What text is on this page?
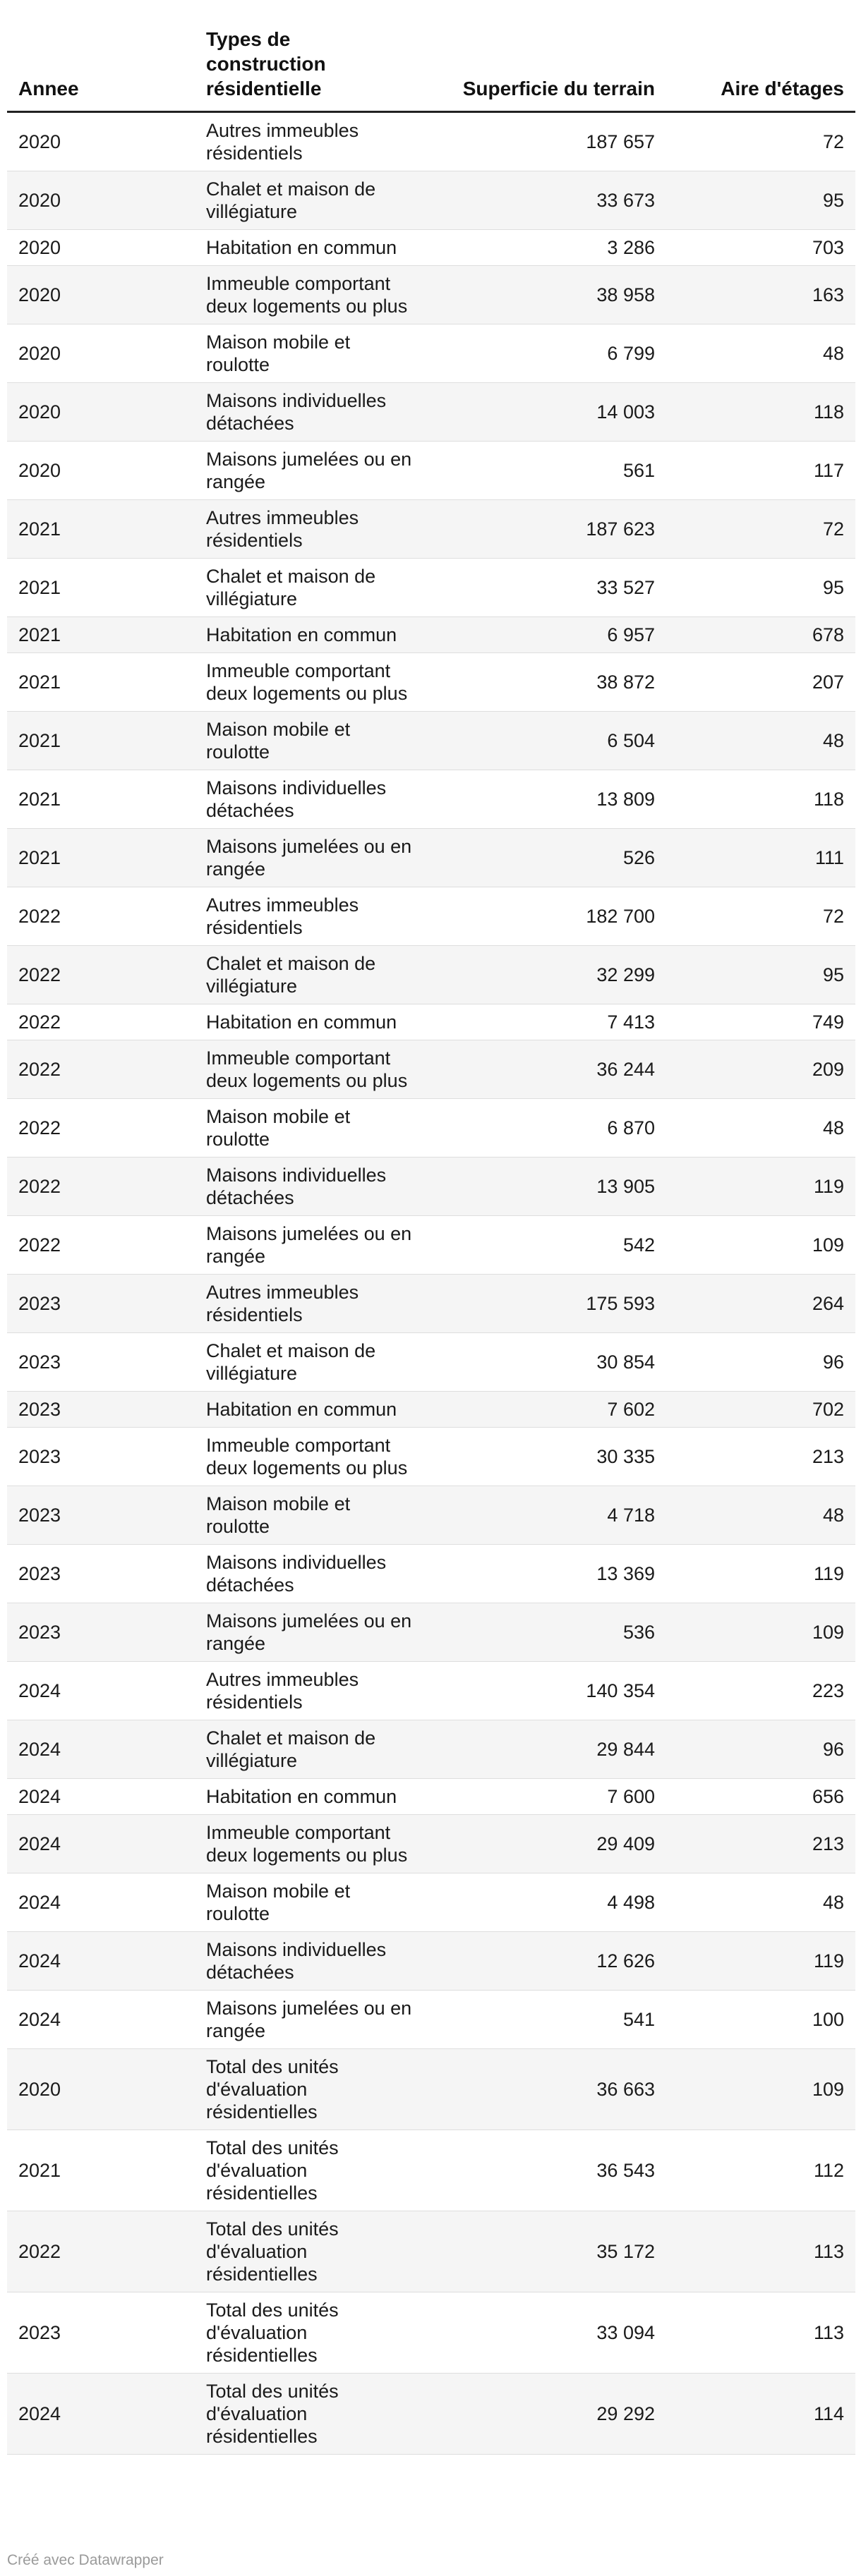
Annee	Types de construction résidentielle	Superficie du terrain	Aire d'étages
2020	Autres immeubles résidentiels	187 657	72
2020	Chalet et maison de villégiature	33 673	95
2020	Habitation en commun	3 286	703
2020	Immeuble comportant deux logements ou plus	38 958	163
2020	Maison mobile et roulotte	6 799	48
2020	Maisons individuelles détachées	14 003	118
2020	Maisons jumelées ou en rangée	561	117
2021	Autres immeubles résidentiels	187 623	72
2021	Chalet et maison de villégiature	33 527	95
2021	Habitation en commun	6 957	678
2021	Immeuble comportant deux logements ou plus	38 872	207
2021	Maison mobile et roulotte	6 504	48
2021	Maisons individuelles détachées	13 809	118
2021	Maisons jumelées ou en rangée	526	111
2022	Autres immeubles résidentiels	182 700	72
2022	Chalet et maison de villégiature	32 299	95
2022	Habitation en commun	7 413	749
2022	Immeuble comportant deux logements ou plus	36 244	209
2022	Maison mobile et roulotte	6 870	48
2022	Maisons individuelles détachées	13 905	119
2022	Maisons jumelées ou en rangée	542	109
2023	Autres immeubles résidentiels	175 593	264
2023	Chalet et maison de villégiature	30 854	96
2023	Habitation en commun	7 602	702
2023	Immeuble comportant deux logements ou plus	30 335	213
2023	Maison mobile et roulotte	4 718	48
2023	Maisons individuelles détachées	13 369	119
2023	Maisons jumelées ou en rangée	536	109
2024	Autres immeubles résidentiels	140 354	223
2024	Chalet et maison de villégiature	29 844	96
2024	Habitation en commun	7 600	656
2024	Immeuble comportant deux logements ou plus	29 409	213
2024	Maison mobile et roulotte	4 498	48
2024	Maisons individuelles détachées	12 626	119
2024	Maisons jumelées ou en rangée	541	100
2020	Total des unités d'évaluation résidentielles	36 663	109
2021	Total des unités d'évaluation résidentielles	36 543	112
2022	Total des unités d'évaluation résidentielles	35 172	113
2023	Total des unités d'évaluation résidentielles	33 094	113
2024	Total des unités d'évaluation résidentielles	29 292	114
Créé avec Datawrapper
